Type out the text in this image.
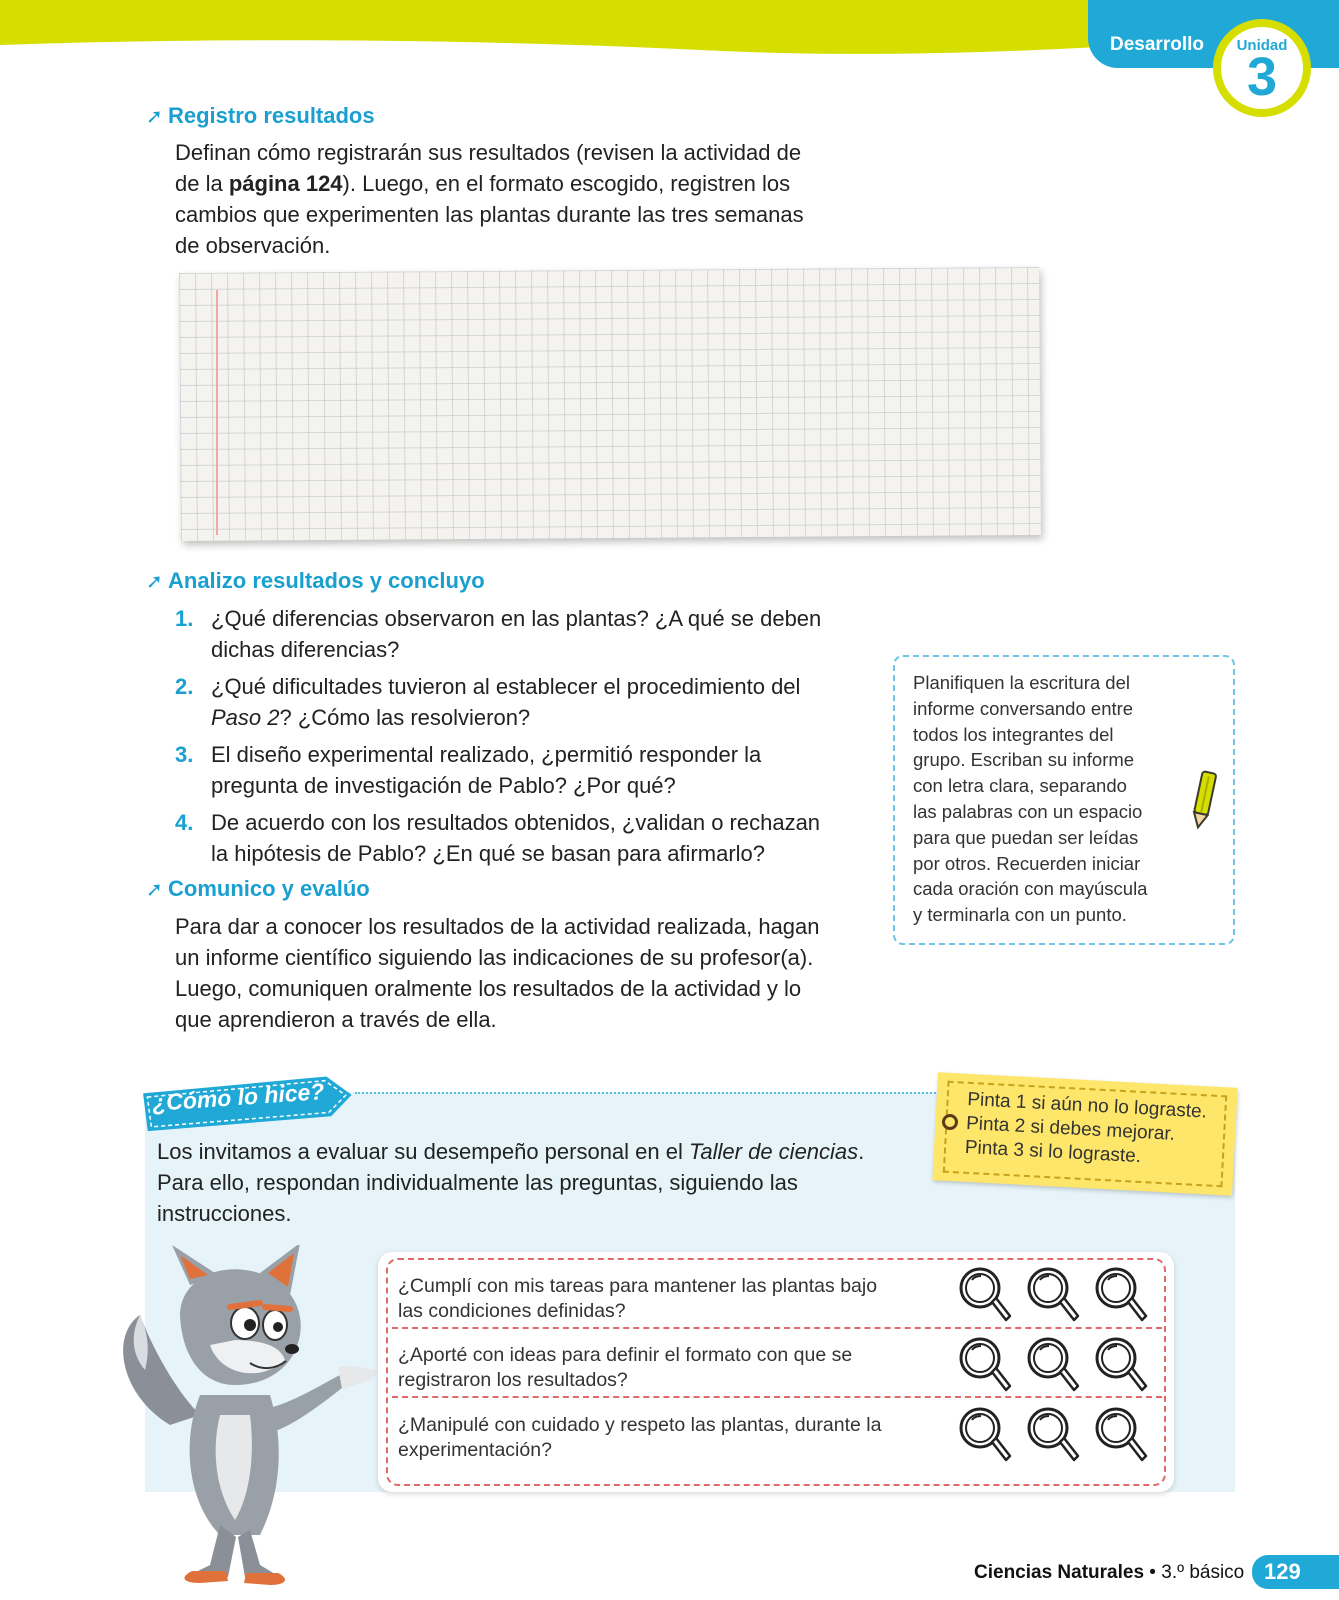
Desarrollo	Unidad
3
➚ Registro resultados
Definan cómo registrarán sus resultados (revisen la actividad de
de la página 124). Luego, en el formato escogido, registren los
cambios que experimenten las plantas durante las tres semanas
de observación.
➚ Analizo resultados y concluyo
1. ¿Qué diferencias observaron en las plantas? ¿A qué se deben
dichas diferencias?
2. ¿Qué dificultades tuvieron al establecer el procedimiento del
Paso 2? ¿Cómo las resolvieron?
3. El diseño experimental realizado, ¿permitió responder la
pregunta de investigación de Pablo? ¿Por qué?
4. De acuerdo con los resultados obtenidos, ¿validan o rechazan
la hipótesis de Pablo? ¿En qué se basan para afirmarlo?
➚ Comunico y evalúo
Para dar a conocer los resultados de la actividad realizada, hagan
un informe científico siguiendo las indicaciones de su profesor(a).
Luego, comuniquen oralmente los resultados de la actividad y lo
que aprendieron a través de ella.
Planifiquen la escritura del
informe conversando entre
todos los integrantes del
grupo. Escriban su informe
con letra clara, separando
las palabras con un espacio
para que puedan ser leídas
por otros. Recuerden iniciar
cada oración con mayúscula
y terminarla con un punto.
¿Cómo lo hice?
Los invitamos a evaluar su desempeño personal en el Taller de ciencias.
Para ello, respondan individualmente las preguntas, siguiendo las
instrucciones.
Pinta 1 si aún no lo lograste.
Pinta 2 si debes mejorar.
Pinta 3 si lo lograste.
¿Cumplí con mis tareas para mantener las plantas bajo
las condiciones definidas?
¿Aporté con ideas para definir el formato con que se
registraron los resultados?
¿Manipulé con cuidado y respeto las plantas, durante la
experimentación?
Ciencias Naturales • 3.º básico 129
